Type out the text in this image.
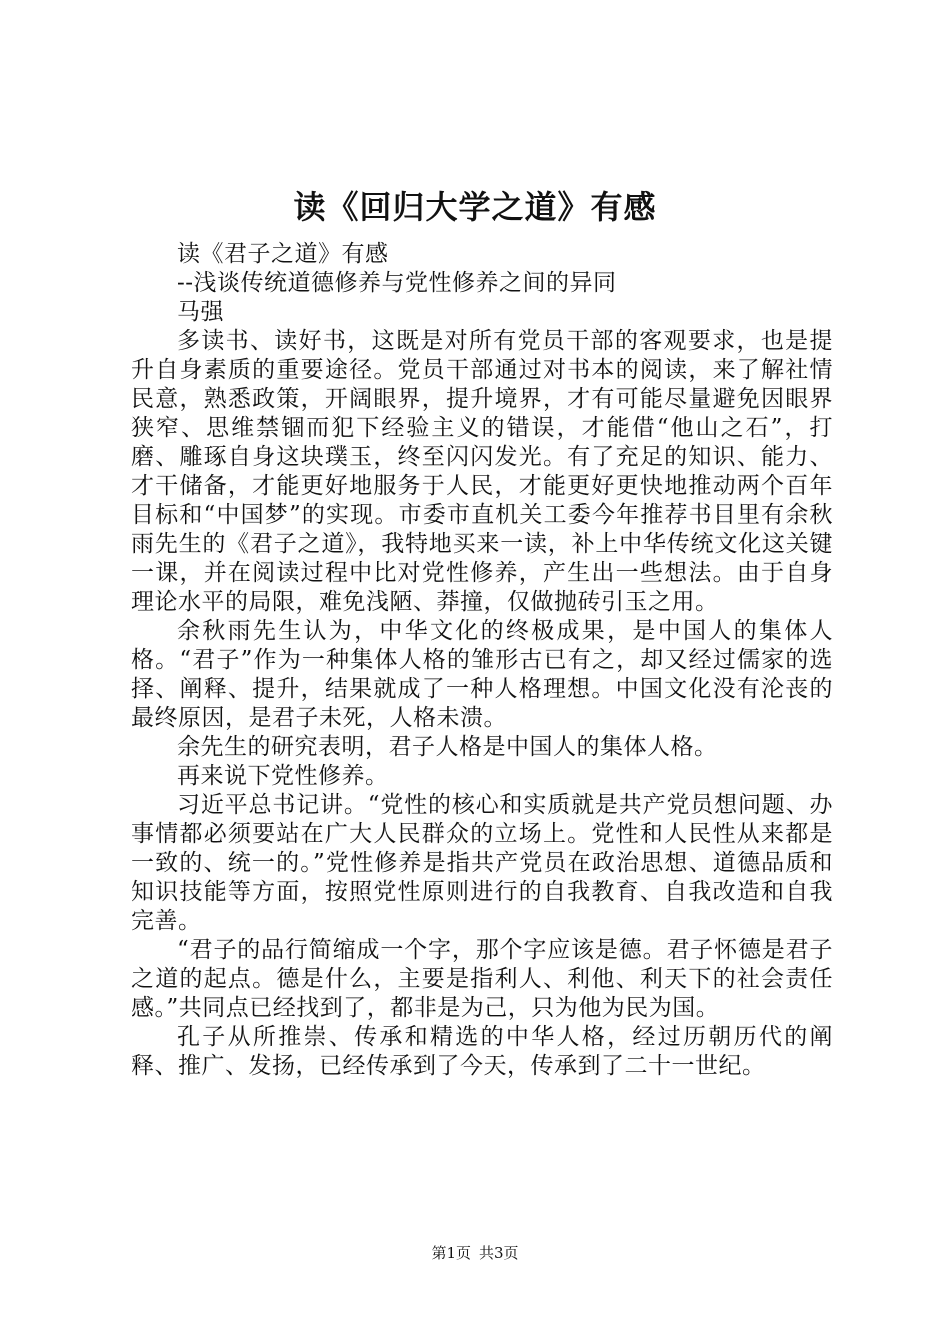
读《回归大学之道》有感

读《君子之道》有感

--浅谈传统道德修养与党性修养之间的异同

马强

多读书、读好书，这既是对所有党员干部的客观要求，也是提升自身素质的重要途径。党员干部通过对书本的阅读，来了解社情民意，熟悉政策，开阔眼界，提升境界，才有可能尽量避免因眼界狭窄、思维禁锢而犯下经验主义的错误，才能借“他山之石”，打磨、雕琢自身这块璞玉，终至闪闪发光。有了充足的知识、能力、才干储备，才能更好地服务于人民，才能更好更快地推动两个百年目标和“中国梦”的实现。市委市直机关工委今年推荐书目里有余秋雨先生的《君子之道》，我特地买来一读，补上中华传统文化这关键一课，并在阅读过程中比对党性修养，产生出一些想法。由于自身理论水平的局限，难免浅陋、莽撞，仅做抛砖引玉之用。

余秋雨先生认为，中华文化的终极成果，是中国人的集体人格。“君子”作为一种集体人格的雏形古已有之，却又经过儒家的选择、阐释、提升，结果就成了一种人格理想。中国文化没有沦丧的最终原因，是君子未死，人格未溃。

余先生的研究表明，君子人格是中国人的集体人格。

再来说下党性修养。

习近平总书记讲。“党性的核心和实质就是共产党员想问题、办事情都必须要站在广大人民群众的立场上。党性和人民性从来都是一致的、统一的。”党性修养是指共产党员在政治思想、道德品质和知识技能等方面，按照党性原则进行的自我教育、自我改造和自我完善。

“君子的品行简缩成一个字，那个字应该是德。君子怀德是君子之道的起点。德是什么，主要是指利人、利他、利天下的社会责任感。”共同点已经找到了，都非是为己，只为他为民为国。

孔子从所推崇、传承和精选的中华人格，经过历朝历代的阐释、推广、发扬，已经传承到了今天，传承到了二十一世纪。

第1页 共3页
